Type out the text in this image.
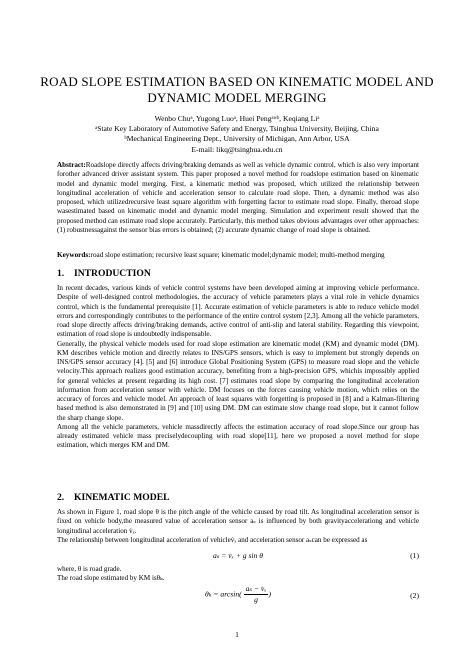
ROAD SLOPE ESTIMATION BASED ON KINEMATIC MODEL AND
DYNAMIC MODEL MERGING
Wenbo Chuᵃ, Yugong Luoᵃ, Huei Pengᵃʷᵇ, Keqiang Liᵃ
ᵃState Key Laboratory of Automotive Safety and Energy, Tsinghua University, Beijing, China
ᵇMechanical Engineering Dept., University of Michigan, Ann Arbor, USA
E-mail: likq@tsinghua.edu.cn

Abstract:Roadslope directly affects driving/braking demands as well as vehicle dynamic control, which is also very important forother advanced driver assistant system. This paper proposed a novel method for roadslope estimation based on kinematic model and dynamic model merging. First, a kinematic method was proposed, which utilized the relationship between longitudinal acceleration of vehicle and acceleration sensor to calculate road slope. Then, a dynamic method was also proposed, which utilizedrecursive least square algorithm with forgetting factor to estimate road slope. Finally, theroad slope wasestimated based on kinematic model and dynamic model merging. Simulation and experiment result showed that the proposed method can estimate road slope accurately. Particularly, this method takes obvious advantages over other approaches: (1) robustnessagainst the sensor bias errors is obtained; (2) accurate dynamic change of road slope is obtained.

Keywords:road slope estimation; recursive least square; kinematic model;dynamic model; multi-method merging

1. INTRODUCTION

In recent decades, various kinds of vehicle control systems have been developed aiming at improving vehicle performance. Despite of well-designed control methodologies, the accuracy of vehicle parameters plays a vital role in vehicle dynamics control, which is the fundamental prerequisite [1]. Accurate estimation of vehicle parameters is able to reduce vehicle model errors and correspondingly contributes to the performance of the entire control system [2,3]. Among all the vehicle parameters, road slope directly affects driving/braking demands, active control of anti-slip and lateral stability. Regarding this viewpoint, estimation of road slope is undoubtedly indispensable.

Generally, the physical vehicle models used for road slope estimation are kinematic model (KM) and dynamic model (DM). KM describes vehicle motion and directly relates to INS/GPS sensors, which is easy to implement but strongly depends on INS/GPS sensor accuracy [4]. [5] and [6] introduce Global Positioning System (GPS) to measure road slope and the vehicle velocity.This approach realizes good estimation accuracy, benefiting from a high-precision GPS, whichis impossibly applied for general vehicles at present regarding its high cost. [7] estimates road slope by comparing the longitudinal acceleration information from acceleration sensor with vehicle. DM focuses on the forces causing vehicle motion, which relies on the accuracy of forces and vehicle model. An approach of least squares with forgetting is proposed in [8] and a Kalman-filtering based method is also demonstrated in [9] and [10] using DM. DM can estimate slow change road slope, but it cannot follow the sharp change slope.

Among all the vehicle parameters, vehicle massdirectly affects the estimation accuracy of road slope.Since our group has already estimated vehicle mass preciselydecoupling with road slope[11], here we proposed a novel method for slope estimation, which merges KM and DM.

2. KINEMATIC MODEL

As shown in Figure 1, road slope θ is the pitch angle of the vehicle caused by road tilt. As longitudinal acceleration sensor is fixed on vehicle body,the measured value of acceleration sensor aₛ is influenced by both gravityaccelerationg and vehicle longitudinal acceleration v̇ₓ.

The relationship between longitudinal acceleration of vehiclev̇ₓ and acceleration sensor aₛcan be expressed as

aₛ = v̇ₓ + g sin θ	(1)

where, θ is road grade.

The road slope estimated by KM isθₖ.

$\theta_k = \arcsin( \frac{\text{aₛ − v̇ₓ}}{g}$ )	(2)
1
